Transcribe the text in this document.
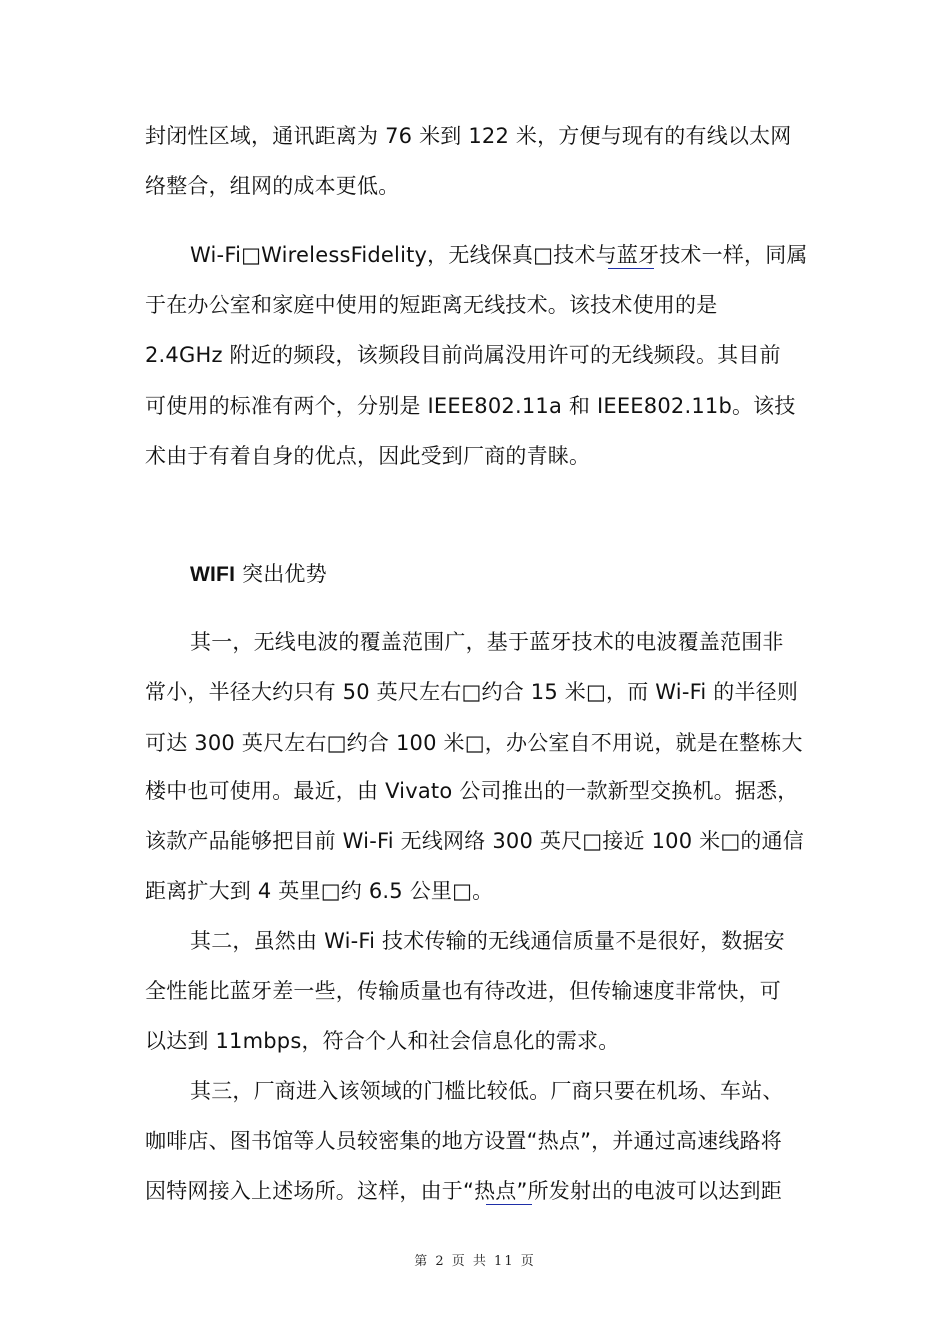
封闭性区域，通讯距离为 76 米到 122 米，方便与现有的有线以太网
络整合，组网的成本更低。
Wi-Fi□WirelessFidelity，无线保真□技术与蓝牙技术一样，同属
于在办公室和家庭中使用的短距离无线技术。该技术使用的是
2.4GHz 附近的频段，该频段目前尚属没用许可的无线频段。其目前
可使用的标准有两个，分别是 IEEE802.11a 和 IEEE802.11b。该技
术由于有着自身的优点，因此受到厂商的青睐。
WIFI 突出优势
其一，无线电波的覆盖范围广，基于蓝牙技术的电波覆盖范围非
常小，半径大约只有 50 英尺左右□约合 15 米□，而 Wi-Fi 的半径则
可达 300 英尺左右□约合 100 米□，办公室自不用说，就是在整栋大
楼中也可使用。最近，由 Vivato 公司推出的一款新型交换机。据悉，
该款产品能够把目前 Wi-Fi 无线网络 300 英尺□接近 100 米□的通信
距离扩大到 4 英里□约 6.5 公里□。
其二，虽然由 Wi-Fi 技术传输的无线通信质量不是很好，数据安
全性能比蓝牙差一些，传输质量也有待改进，但传输速度非常快，可
以达到 11mbps，符合个人和社会信息化的需求。
其三，厂商进入该领域的门槛比较低。厂商只要在机场、车站、
咖啡店、图书馆等人员较密集的地方设置“热点”，并通过高速线路将
因特网接入上述场所。这样，由于“热点”所发射出的电波可以达到距
第 2 页 共 11 页
